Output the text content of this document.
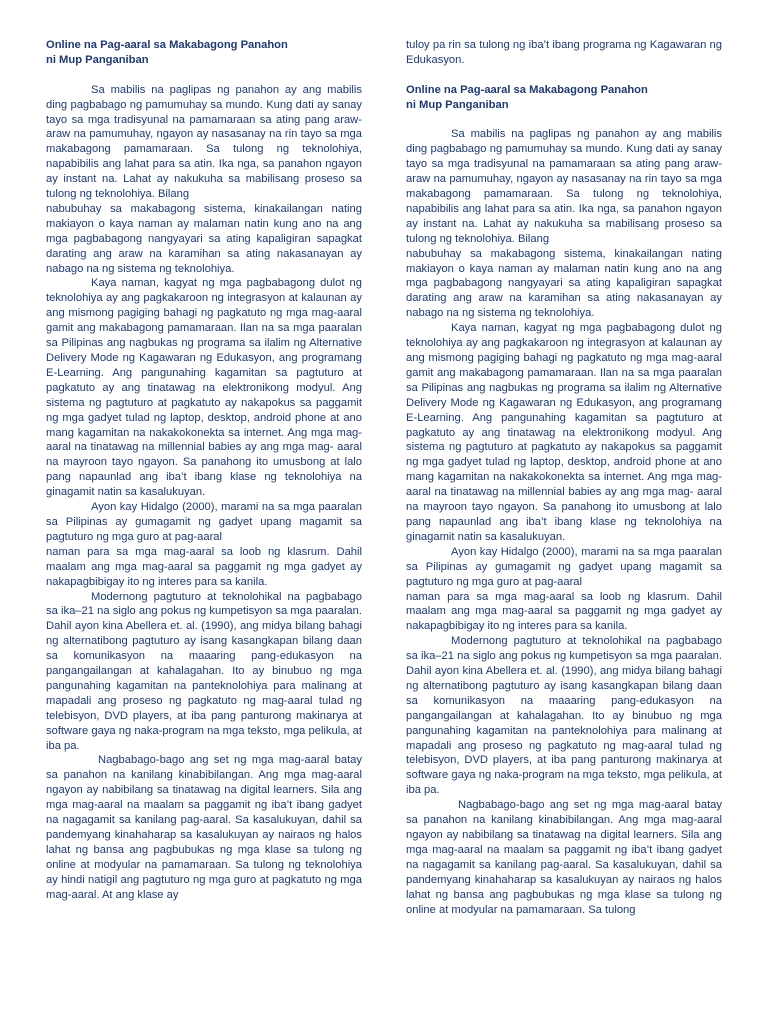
Online na Pag-aaral sa Makabagong Panahon
ni Mup Panganiban

Sa mabilis na paglipas ng panahon ay ang mabilis ding pagbabago ng pamumuhay sa mundo. Kung dati ay sanay tayo sa mga tradisyunal na pamamaraan sa ating pang araw-araw na pamumuhay, ngayon ay nasasanay na rin tayo sa mga makabagong pamamaraan. Sa tulong ng teknolohiya, napabibilis ang lahat para sa atin. Ika nga, sa panahon ngayon ay instant na. Lahat ay nakukuha sa mabilisang proseso sa tulong ng teknolohiya. Bilang

nabubuhay sa makabagong sistema, kinakailangan nating makiayon o kaya naman ay malaman natin kung ano na ang mga pagbabagong nangyayari sa ating kapaligiran sapagkat darating ang araw na karamihan sa ating nakasanayan ay nabago na ng sistema ng teknolohiya.

Kaya naman, kagyat ng mga pagbabagong dulot ng teknolohiya ay ang pagkakaroon ng integrasyon at kalaunan ay ang mismong pagiging bahagi ng pagkatuto ng mga mag-aaral gamit ang makabagong pamamaraan. Ilan na sa mga paaralan sa Pilipinas ang nagbukas ng programa sa ilalim ng Alternative Delivery Mode ng Kagawaran ng Edukasyon, ang programang E-Learning. Ang pangunahing kagamitan sa pagtuturo at pagkatuto ay ang tinatawag na elektronikong modyul. Ang sistema ng pagtuturo at pagkatuto ay nakapokus sa paggamit ng mga gadyet tulad ng laptop, desktop, android phone at ano mang kagamitan na nakakokonekta sa internet. Ang mga mag-aaral na tinatawag na millennial babies ay ang mga mag- aaral na mayroon tayo ngayon. Sa panahong ito umusbong at lalo pang napaunlad ang iba’t ibang klase ng teknolohiya na ginagamit natin sa kasalukuyan.

Ayon kay Hidalgo (2000), marami na sa mga paaralan sa Pilipinas ay gumagamit ng gadyet upang magamit sa pagtuturo ng mga guro at pag-aaral

naman para sa mga mag-aaral sa loob ng klasrum. Dahil maalam ang mga mag-aaral sa paggamit ng mga gadyet ay nakapagbibigay ito ng interes para sa kanila.

Modernong pagtuturo at teknolohikal na pagbabago sa ika–21 na siglo ang pokus ng kumpetisyon sa mga paaralan. Dahil ayon kina Abellera et. al. (1990), ang midya bilang bahagi ng alternatibong pagtuturo ay isang kasangkapan bilang daan sa komunikasyon na maaaring pang-edukasyon na pangangailangan at kahalagahan. Ito ay binubuo ng mga pangunahing kagamitan na panteknolohiya para malinang at mapadali ang proseso ng pagkatuto ng mag-aaral tulad ng telebisyon, DVD players, at iba pang panturong makinarya at software gaya ng naka-program na mga teksto, mga pelikula, at iba pa.

Nagbabago-bago ang set ng mga mag-aaral batay sa panahon na kanilang kinabibilangan. Ang mga mag-aaral ngayon ay nabibilang sa tinatawag na digital learners. Sila ang mga mag-aaral na maalam sa paggamit ng iba’t ibang gadyet na nagagamit sa kanilang pag-aaral. Sa kasalukuyan, dahil sa pandemyang kinahaharap sa kasalukuyan ay nairaos ng halos lahat ng bansa ang pagbubukas ng mga klase sa tulong ng online at modyular na pamamaraan. Sa tulong ng teknolohiya ay hindi natigil ang pagtuturo ng mga guro at pagkatuto ng mga mag-aaral. At ang klase ay

tuloy pa rin sa tulong ng iba’t ibang programa ng Kagawaran ng Edukasyon.

Online na Pag-aaral sa Makabagong Panahon
ni Mup Panganiban

Sa mabilis na paglipas ng panahon ay ang mabilis ding pagbabago ng pamumuhay sa mundo. Kung dati ay sanay tayo sa mga tradisyunal na pamamaraan sa ating pang araw-araw na pamumuhay, ngayon ay nasasanay na rin tayo sa mga makabagong pamamaraan. Sa tulong ng teknolohiya, napabibilis ang lahat para sa atin. Ika nga, sa panahon ngayon ay instant na. Lahat ay nakukuha sa mabilisang proseso sa tulong ng teknolohiya. Bilang

nabubuhay sa makabagong sistema, kinakailangan nating makiayon o kaya naman ay malaman natin kung ano na ang mga pagbabagong nangyayari sa ating kapaligiran sapagkat darating ang araw na karamihan sa ating nakasanayan ay nabago na ng sistema ng teknolohiya.

Kaya naman, kagyat ng mga pagbabagong dulot ng teknolohiya ay ang pagkakaroon ng integrasyon at kalaunan ay ang mismong pagiging bahagi ng pagkatuto ng mga mag-aaral gamit ang makabagong pamamaraan. Ilan na sa mga paaralan sa Pilipinas ang nagbukas ng programa sa ilalim ng Alternative Delivery Mode ng Kagawaran ng Edukasyon, ang programang E-Learning. Ang pangunahing kagamitan sa pagtuturo at pagkatuto ay ang tinatawag na elektronikong modyul. Ang sistema ng pagtuturo at pagkatuto ay nakapokus sa paggamit ng mga gadyet tulad ng laptop, desktop, android phone at ano mang kagamitan na nakakokonekta sa internet. Ang mga mag-aaral na tinatawag na millennial babies ay ang mga mag- aaral na mayroon tayo ngayon. Sa panahong ito umusbong at lalo pang napaunlad ang iba’t ibang klase ng teknolohiya na ginagamit natin sa kasalukuyan.

Ayon kay Hidalgo (2000), marami na sa mga paaralan sa Pilipinas ay gumagamit ng gadyet upang magamit sa pagtuturo ng mga guro at pag-aaral

naman para sa mga mag-aaral sa loob ng klasrum. Dahil maalam ang mga mag-aaral sa paggamit ng mga gadyet ay nakapagbibigay ito ng interes para sa kanila.

Modernong pagtuturo at teknolohikal na pagbabago sa ika–21 na siglo ang pokus ng kumpetisyon sa mga paaralan. Dahil ayon kina Abellera et. al. (1990), ang midya bilang bahagi ng alternatibong pagtuturo ay isang kasangkapan bilang daan sa komunikasyon na maaaring pang-edukasyon na pangangailangan at kahalagahan. Ito ay binubuo ng mga pangunahing kagamitan na panteknolohiya para malinang at mapadali ang proseso ng pagkatuto ng mag-aaral tulad ng telebisyon, DVD players, at iba pang panturong makinarya at software gaya ng naka-program na mga teksto, mga pelikula, at iba pa.

Nagbabago-bago ang set ng mga mag-aaral batay sa panahon na kanilang kinabibilangan. Ang mga mag-aaral ngayon ay nabibilang sa tinatawag na digital learners. Sila ang mga mag-aaral na maalam sa paggamit ng iba’t ibang gadyet na nagagamit sa kanilang pag-aaral. Sa kasalukuyan, dahil sa pandemyang kinahaharap sa kasalukuyan ay nairaos ng halos lahat ng bansa ang pagbubukas ng mga klase sa tulong ng online at modyular na pamamaraan. Sa tulong
